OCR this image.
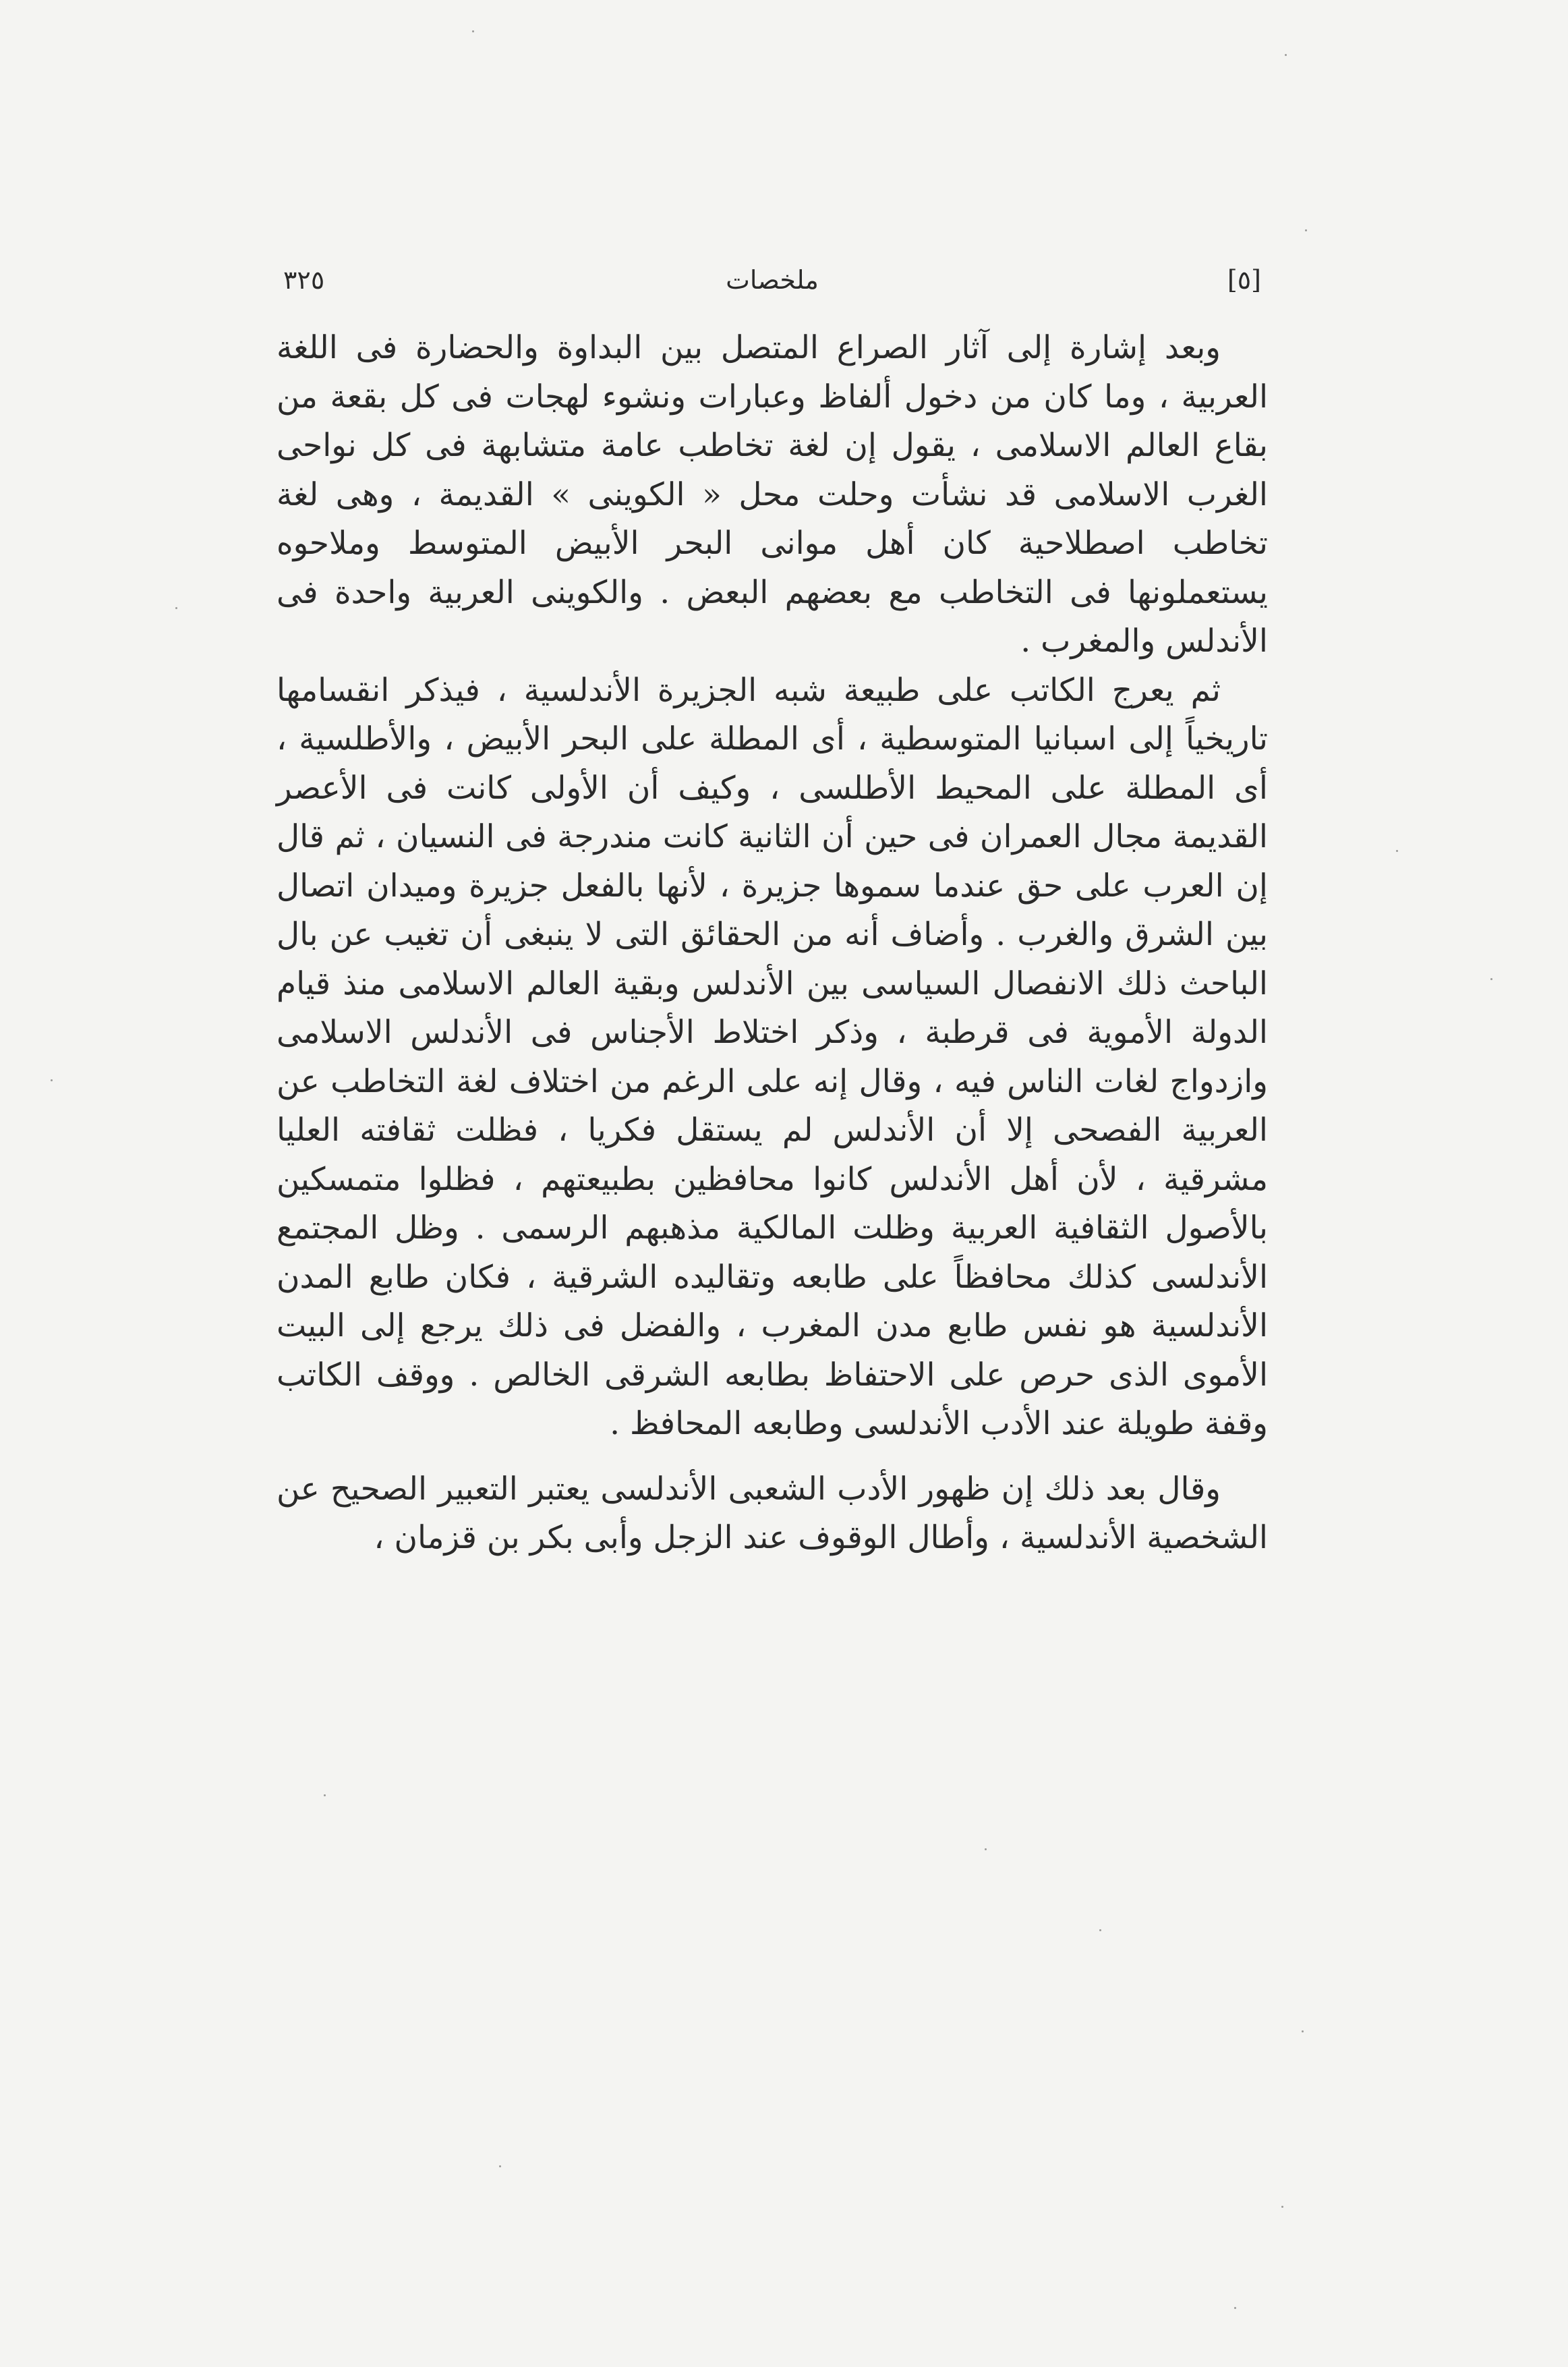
٣٢٥	ملخصات	[٥]

وبعد إشارة إلى آثار الصراع المتصل بين البداوة والحضارة فى اللغة العربية ، وما كان من دخول ألفاظ وعبارات ونشوء لهجات فى كل بقعة من بقاع العالم الاسلامى ، يقول إن لغة تخاطب عامة متشابهة فى كل نواحى الغرب الاسلامى قد نشأت وحلت محل « الكوينى » القديمة ، وهى لغة تخاطب اصطلاحية كان أهل موانى البحر الأبيض المتوسط وملاحوه يستعملونها فى التخاطب مع بعضهم البعض . والكوينى العربية واحدة فى الأندلس والمغرب .

ثم يعرج الكاتب على طبيعة شبه الجزيرة الأندلسية ، فيذكر انقسامها تاريخياً إلى اسبانيا المتوسطية ، أى المطلة على البحر الأبيض ، والأطلسية ، أى المطلة على المحيط الأطلسى ، وكيف أن الأولى كانت فى الأعصر القديمة مجال العمران فى حين أن الثانية كانت مندرجة فى النسيان ، ثم قال إن العرب على حق عندما سموها جزيرة ، لأنها بالفعل جزيرة وميدان اتصال بين الشرق والغرب . وأضاف أنه من الحقائق التى لا ينبغى أن تغيب عن بال الباحث ذلك الانفصال السياسى بين الأندلس وبقية العالم الاسلامى منذ قيام الدولة الأموية فى قرطبة ، وذكر اختلاط الأجناس فى الأندلس الاسلامى وازدواج لغات الناس فيه ، وقال إنه على الرغم من اختلاف لغة التخاطب عن العربية الفصحى إلا أن الأندلس لم يستقل فكريا ، فظلت ثقافته العليا مشرقية ، لأن أهل الأندلس كانوا محافظين بطبيعتهم ، فظلوا متمسكين بالأصول الثقافية العربية وظلت المالكية مذهبهم الرسمى . وظل المجتمع الأندلسى كذلك محافظاً على طابعه وتقاليده الشرقية ، فكان طابع المدن الأندلسية هو نفس طابع مدن المغرب ، والفضل فى ذلك يرجع إلى البيت الأموى الذى حرص على الاحتفاظ بطابعه الشرقى الخالص . ووقف الكاتب وقفة طويلة عند الأدب الأندلسى وطابعه المحافظ .

وقال بعد ذلك إن ظهور الأدب الشعبى الأندلسى يعتبر التعبير الصحيح عن الشخصية الأندلسية ، وأطال الوقوف عند الزجل وأبى بكر بن قزمان ،
